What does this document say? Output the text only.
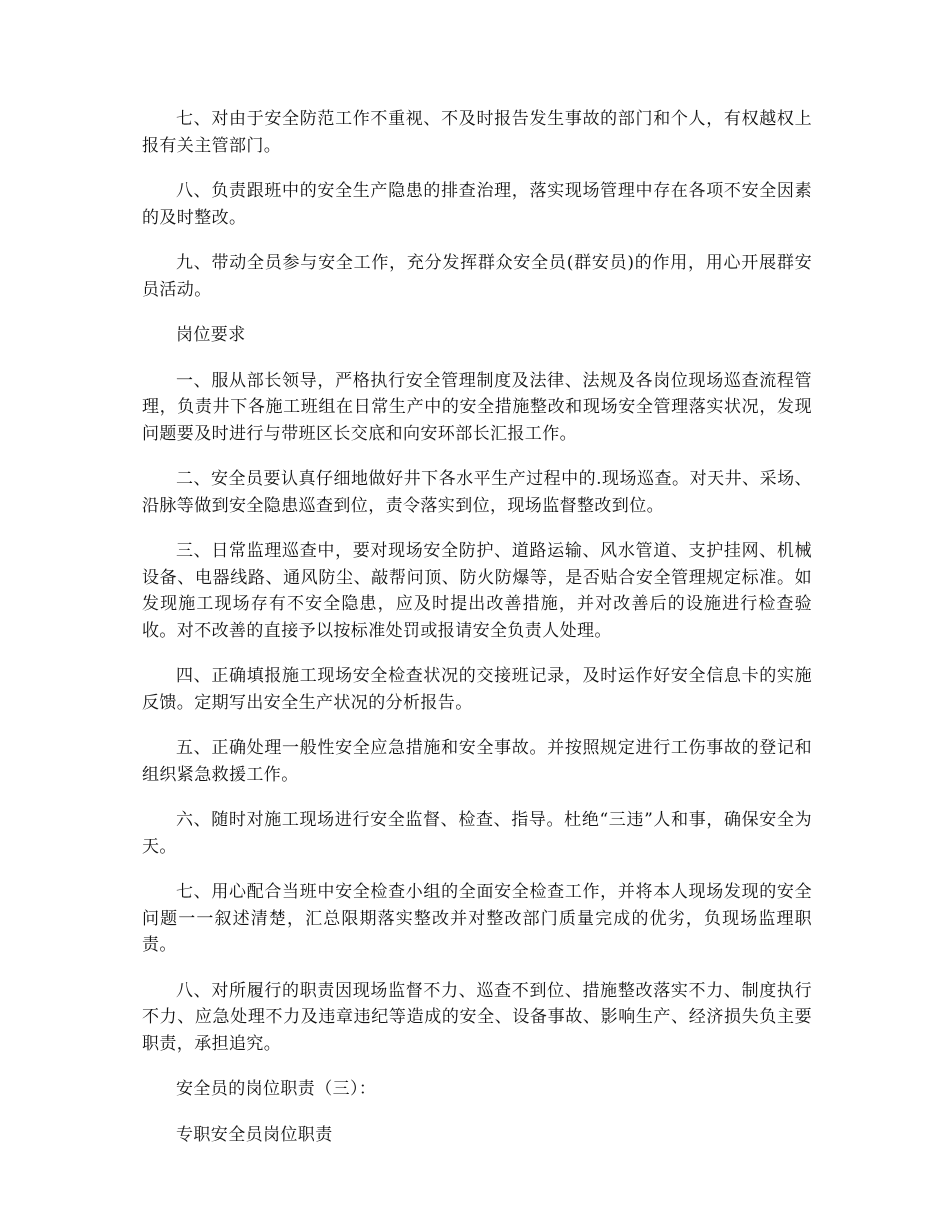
七、对由于安全防范工作不重视、不及时报告发生事故的部门和个人，有权越权上报有关主管部门。

八、负责跟班中的安全生产隐患的排查治理，落实现场管理中存在各项不安全因素的及时整改。

九、带动全员参与安全工作，充分发挥群众安全员(群安员)的作用，用心开展群安员活动。

岗位要求

一、服从部长领导，严格执行安全管理制度及法律、法规及各岗位现场巡查流程管理，负责井下各施工班组在日常生产中的安全措施整改和现场安全管理落实状况，发现问题要及时进行与带班区长交底和向安环部长汇报工作。

二、安全员要认真仔细地做好井下各水平生产过程中的.现场巡查。对天井、采场、沿脉等做到安全隐患巡查到位，责令落实到位，现场监督整改到位。

三、日常监理巡查中，要对现场安全防护、道路运输、风水管道、支护挂网、机械设备、电器线路、通风防尘、敲帮问顶、防火防爆等，是否贴合安全管理规定标准。如发现施工现场存有不安全隐患，应及时提出改善措施，并对改善后的设施进行检查验收。对不改善的直接予以按标准处罚或报请安全负责人处理。

四、正确填报施工现场安全检查状况的交接班记录，及时运作好安全信息卡的实施反馈。定期写出安全生产状况的分析报告。

五、正确处理一般性安全应急措施和安全事故。并按照规定进行工伤事故的登记和组织紧急救援工作。

六、随时对施工现场进行安全监督、检查、指导。杜绝“三违”人和事，确保安全为天。

七、用心配合当班中安全检查小组的全面安全检查工作，并将本人现场发现的安全问题一一叙述清楚，汇总限期落实整改并对整改部门质量完成的优劣，负现场监理职责。

八、对所履行的职责因现场监督不力、巡查不到位、措施整改落实不力、制度执行不力、应急处理不力及违章违纪等造成的安全、设备事故、影响生产、经济损失负主要职责，承担追究。

安全员的岗位职责（三）：

专职安全员岗位职责
